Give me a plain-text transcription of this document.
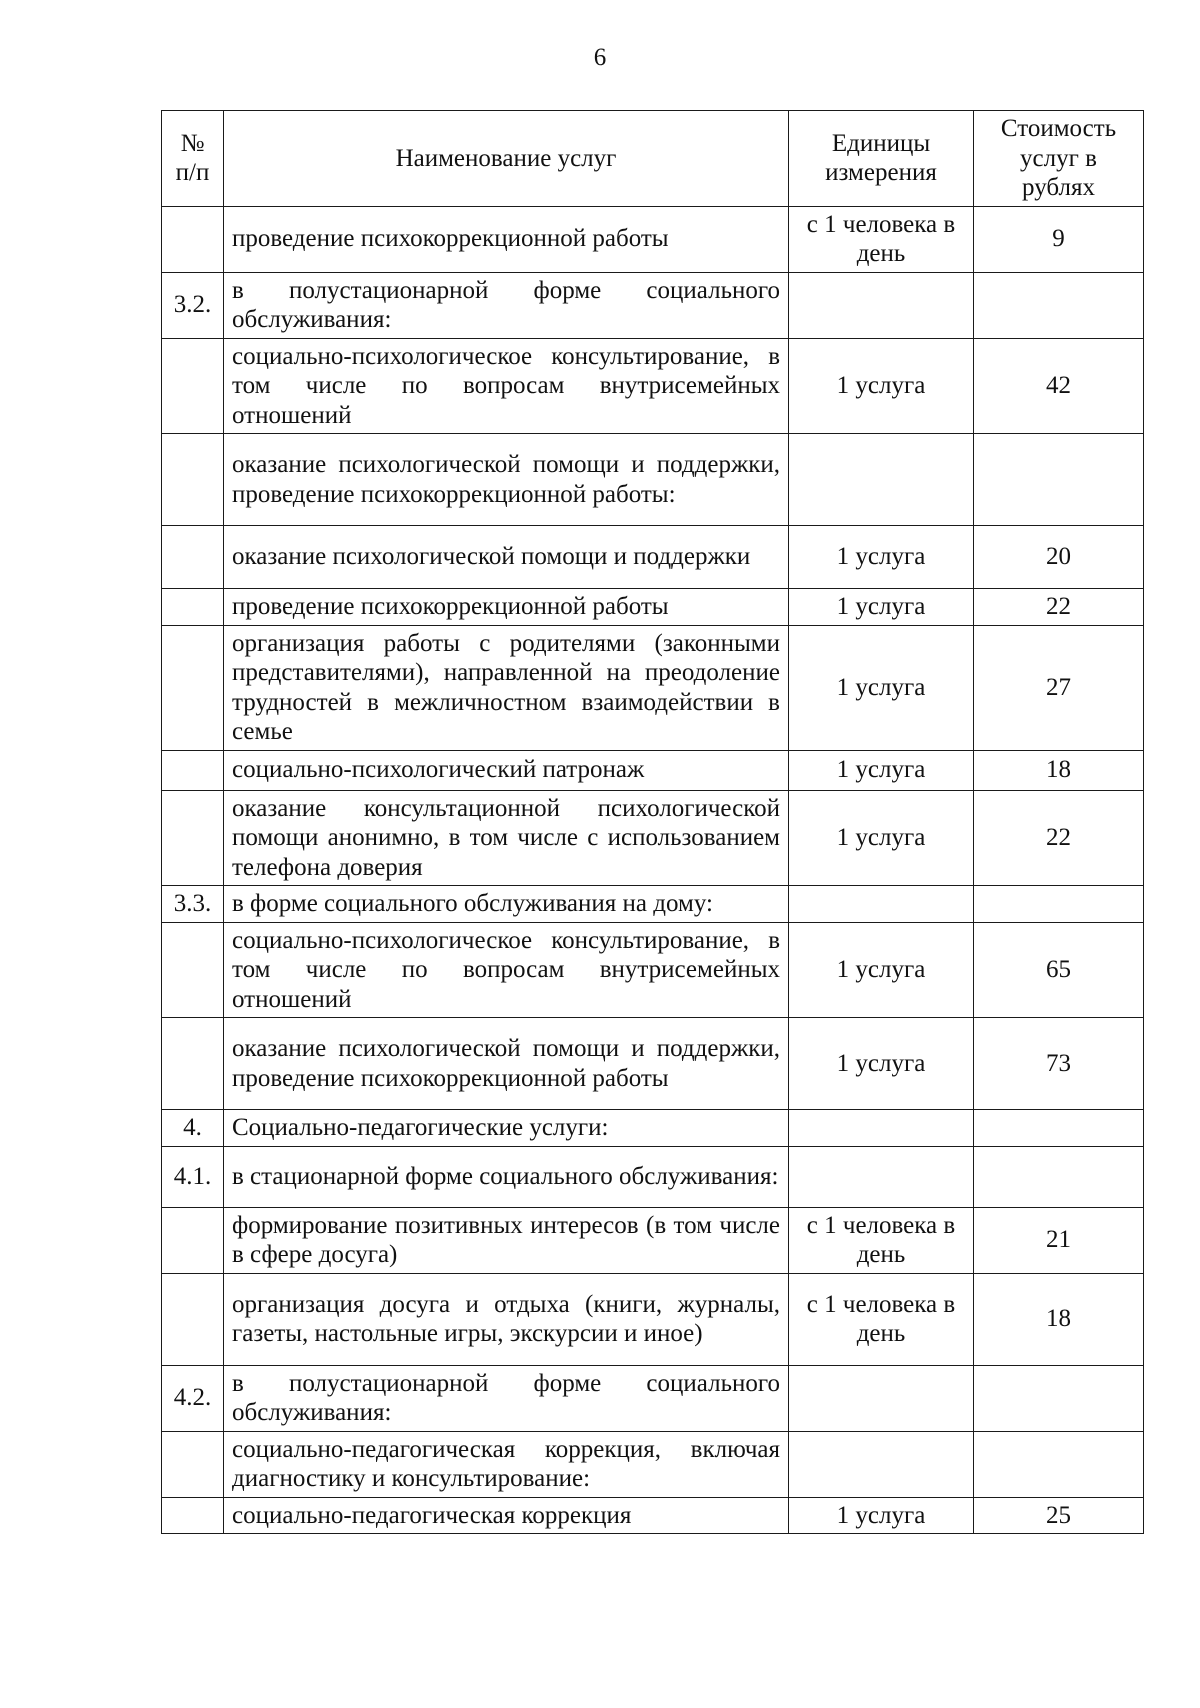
6
№ п/п	Наименование услуг	Единицы измерения	Стоимость услуг в рублях
	проведение психокоррекционной работы	с 1 человека в день	9
3.2.	в полустационарной форме социального обслуживания:		
	социально-психологическое консультирование, в том числе по вопросам внутрисемейных отношений	1 услуга	42
	оказание психологической помощи и поддержки, проведение психокоррекционной работы:		
	оказание психологической помощи и поддержки	1 услуга	20
	проведение психокоррекционной работы	1 услуга	22
	организация работы с родителями (законными представителями), направленной на преодоление трудностей в межличностном взаимодействии в семье	1 услуга	27
	социально-психологический патронаж	1 услуга	18
	оказание консультационной психологической помощи анонимно, в том числе с использованием телефона доверия	1 услуга	22
3.3.	в форме социального обслуживания на дому:		
	социально-психологическое консультирование, в том числе по вопросам внутрисемейных отношений	1 услуга	65
	оказание психологической помощи и поддержки, проведение психокоррекционной работы	1 услуга	73
4.	Социально-педагогические услуги:		
4.1.	в стационарной форме социального обслуживания:		
	формирование позитивных интересов (в том числе в сфере досуга)	с 1 человека в день	21
	организация досуга и отдыха (книги, журналы, газеты, настольные игры, экскурсии и иное)	с 1 человека в день	18
4.2.	в полустационарной форме социального обслуживания:		
	социально-педагогическая коррекция, включая диагностику и консультирование:		
	социально-педагогическая коррекция	1 услуга	25
